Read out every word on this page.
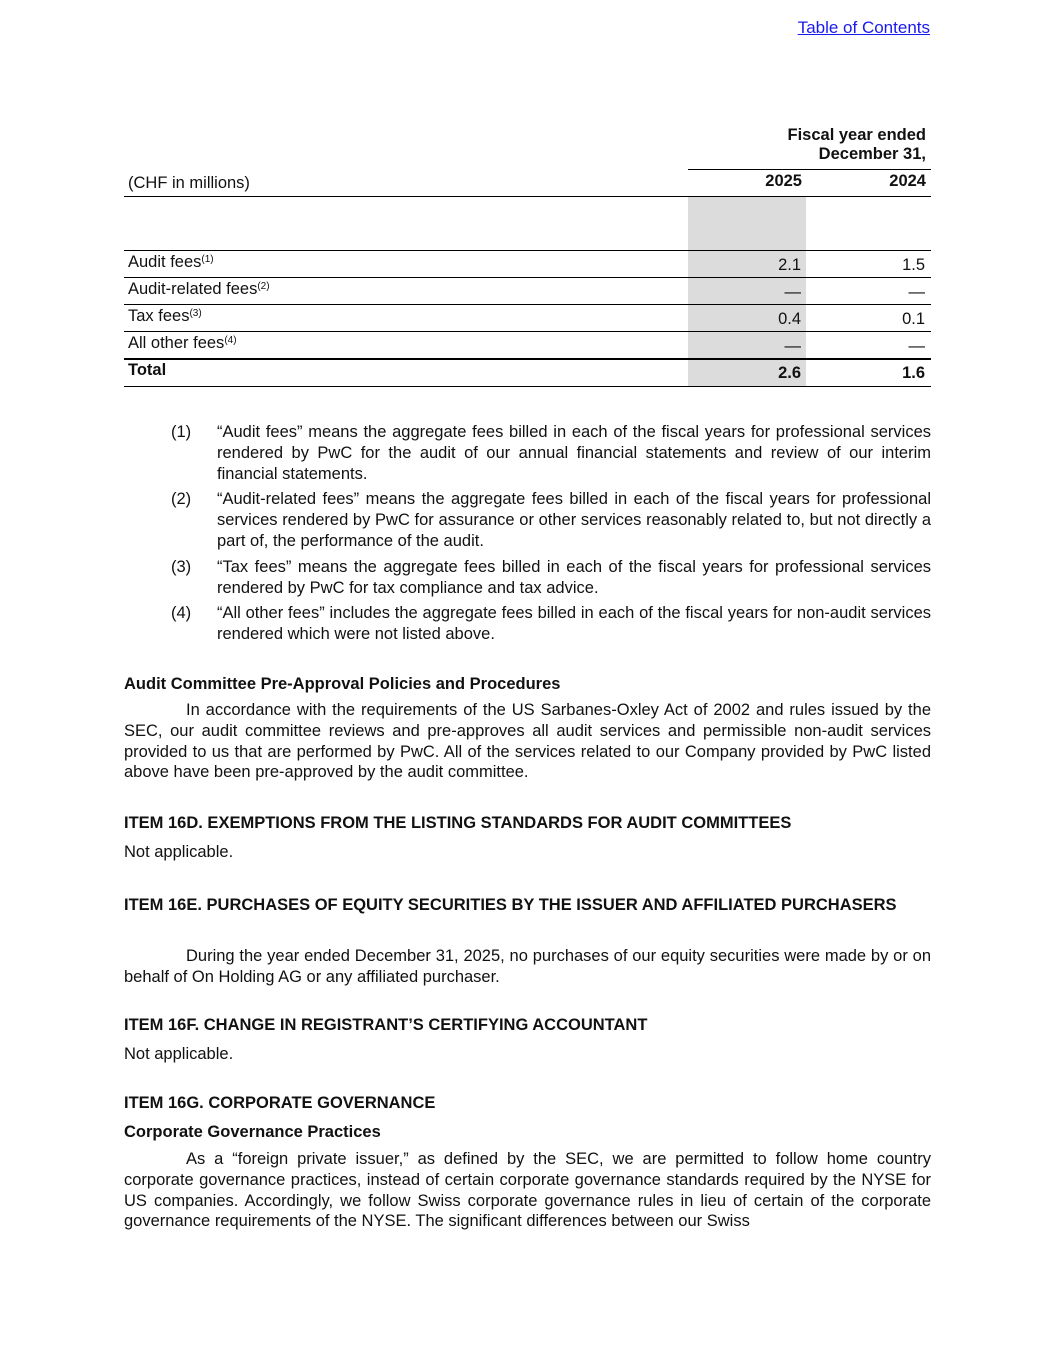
Table of Contents
Fiscal year ended
December 31,
(CHF in millions)	2025	2024
Audit fees$^{(1)}$	2.1	1.5
Audit-related fees$^{(2)}$	—	—
Tax fees$^{(3)}$	0.4	0.1
All other fees$^{(4)}$	—	—
Total	2.6	1.6
(1)	“Audit fees” means the aggregate fees billed in each of the fiscal years for professional services rendered by PwC for the audit of our annual financial statements and review of our interim financial statements.
(2)	“Audit-related fees” means the aggregate fees billed in each of the fiscal years for professional services rendered by PwC for assurance or other services reasonably related to, but not directly a part of, the performance of the audit.
(3)	“Tax fees” means the aggregate fees billed in each of the fiscal years for professional services rendered by PwC for tax compliance and tax advice.
(4)	“All other fees” includes the aggregate fees billed in each of the fiscal years for non-audit services rendered which were not listed above.
Audit Committee Pre-Approval Policies and Procedures
In accordance with the requirements of the US Sarbanes-Oxley Act of 2002 and rules issued by the SEC, our audit committee reviews and pre-approves all audit services and permissible non-audit services provided to us that are performed by PwC. All of the services related to our Company provided by PwC listed above have been pre-approved by the audit committee.
ITEM 16D. EXEMPTIONS FROM THE LISTING STANDARDS FOR AUDIT COMMITTEES
Not applicable.
ITEM 16E. PURCHASES OF EQUITY SECURITIES BY THE ISSUER AND AFFILIATED PURCHASERS
During the year ended December 31, 2025, no purchases of our equity securities were made by or on behalf of On Holding AG or any affiliated purchaser.
ITEM 16F. CHANGE IN REGISTRANT’S CERTIFYING ACCOUNTANT
Not applicable.
ITEM 16G. CORPORATE GOVERNANCE
Corporate Governance Practices
As a “foreign private issuer,” as defined by the SEC, we are permitted to follow home country corporate governance practices, instead of certain corporate governance standards required by the NYSE for US companies. Accordingly, we follow Swiss corporate governance rules in lieu of certain of the corporate governance requirements of the NYSE. The significant differences between our Swiss
